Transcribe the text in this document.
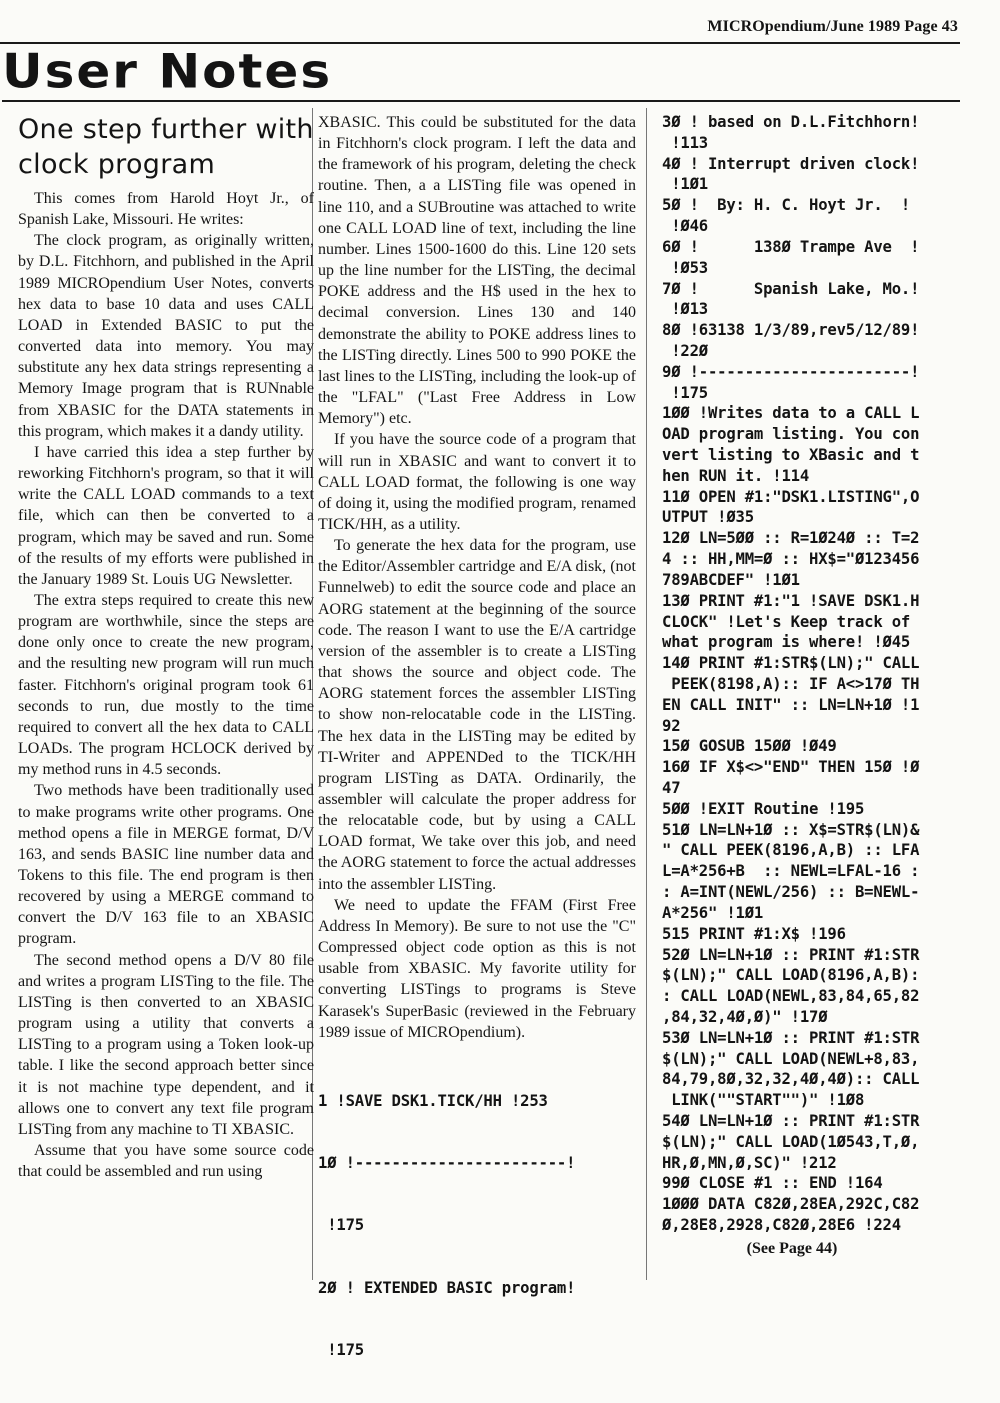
MICROpendium/June 1989 Page 43
User Notes
One step further with clock program

This comes from Harold Hoyt Jr., of Spanish Lake, Missouri. He writes:

The clock program, as originally written, by D.L. Fitchhorn, and published in the April 1989 MICROpendium User Notes, converts hex data to base 10 data and uses CALL LOAD in Extended BASIC to put the converted data into memory. You may substitute any hex data strings representing a Memory Image program that is RUNnable from XBASIC for the DATA statements in this program, which makes it a dandy utility.

I have carried this idea a step further by reworking Fitchhorn's program, so that it will write the CALL LOAD commands to a text file, which can then be converted to a program, which may be saved and run. Some of the results of my efforts were published in the January 1989 St. Louis UG Newsletter.

The extra steps required to create this new program are worthwhile, since the steps are done only once to create the new program, and the resulting new program will run much faster. Fitchhorn's original program took 61 seconds to run, due mostly to the time required to convert all the hex data to CALL LOADs. The program HCLOCK derived by my method runs in 4.5 seconds.

Two methods have been traditionally used to make programs write other programs. One method opens a file in MERGE format, D/V 163, and sends BASIC line number data and Tokens to this file. The end program is then recovered by using a MERGE command to convert the D/V 163 file to an XBASIC program.

The second method opens a D/V 80 file and writes a program LISTing to the file. The LISTing is then converted to an XBASIC program using a utility that converts a LISTing to a program using a Token look-up table. I like the second approach better since it is not machine type dependent, and it allows one to convert any text file program LISTing from any machine to TI XBASIC.

Assume that you have some source code that could be assembled and run using

XBASIC. This could be substituted for the data in Fitchhorn's clock program. I left the data and the framework of his program, deleting the check routine. Then, a a LISTing file was opened in line 110, and a SUBroutine was attached to write one CALL LOAD line of text, including the line number. Lines 1500-1600 do this. Line 120 sets up the line number for the LISTing, the decimal POKE address and the H$ used in the hex to decimal conversion. Lines 130 and 140 demonstrate the ability to POKE address lines to the LISTing directly. Lines 500 to 990 POKE the last lines to the LISTing, including the look-up of the "LFAL" ("Last Free Address in Low Memory") etc.

If you have the source code of a program that will run in XBASIC and want to convert it to CALL LOAD format, the following is one way of doing it, using the modified program, renamed TICK/HH, as a utility.

To generate the hex data for the program, use the Editor/Assembler cartridge and E/A disk, (not Funnelweb) to edit the source code and place an AORG statement at the beginning of the source code. The reason I want to use the E/A cartridge version of the assembler is to create a LISTing that shows the source and object code. The AORG statement forces the assembler LISTing to show non-relocatable code in the LISTing. The hex data in the LISTing may be edited by TI-Writer and APPENDed to the TICK/HH program LISTing as DATA. Ordinarily, the assembler will calculate the proper address for the relocatable code, but by using a CALL LOAD format, We take over this job, and need the AORG statement to force the actual addresses into the assembler LISTing.

We need to update the FFAM (First Free Address In Memory). Be sure to not use the "C" Compressed object code option as this is not usable from XBASIC. My favorite utility for converting LISTings to programs is Steve Karasek's SuperBasic (reviewed in the February 1989 issue of MICROpendium).

1 !SAVE DSK1.TICK/HH !253

1Ø !-----------------------!

!175

2Ø ! EXTENDED BASIC program!

!175

3Ø ! based on D.L.Fitchhorn!
!113
4Ø ! Interrupt driven clock!
!1Ø1
5Ø !  By: H. C. Hoyt Jr.  !
!Ø46
6Ø !      138Ø Trampe Ave  !
!Ø53
7Ø !      Spanish Lake, Mo.!
!Ø13
8Ø !63138 1/3/89,rev5/12/89!
!22Ø
9Ø !-----------------------!
!175
1ØØ !Writes data to a CALL L
OAD program listing. You con
vert listing to XBasic and t
hen RUN it. !114
11Ø OPEN #1:"DSK1.LISTING",O
UTPUT !Ø35
12Ø LN=5ØØ :: R=1Ø24Ø :: T=2
4 :: HH,MM=Ø :: HX$="Ø123456
789ABCDEF" !1Ø1
13Ø PRINT #1:"1 !SAVE DSK1.H
CLOCK" !Let's Keep track of
what program is where! !Ø45
14Ø PRINT #1:STR$(LN);" CALL
PEEK(8198,A):: IF A<>17Ø TH
EN CALL INIT" :: LN=LN+1Ø !1
92
15Ø GOSUB 15ØØ !Ø49
16Ø IF X$<>"END" THEN 15Ø !Ø
47
5ØØ !EXIT Routine !195
51Ø LN=LN+1Ø :: X$=STR$(LN)&
" CALL PEEK(8196,A,B) :: LFA
L=A*256+B  :: NEWL=LFAL-16 :
: A=INT(NEWL/256) :: B=NEWL-
A*256" !1Ø1
515 PRINT #1:X$ !196
52Ø LN=LN+1Ø :: PRINT #1:STR
$(LN);" CALL LOAD(8196,A,B):
: CALL LOAD(NEWL,83,84,65,82
,84,32,4Ø,Ø)" !17Ø
53Ø LN=LN+1Ø :: PRINT #1:STR
$(LN);" CALL LOAD(NEWL+8,83,
84,79,8Ø,32,32,4Ø,4Ø):: CALL
LINK(""START"")" !1Ø8
54Ø LN=LN+1Ø :: PRINT #1:STR
$(LN);" CALL LOAD(1Ø543,T,Ø,
HR,Ø,MN,Ø,SC)" !212
99Ø CLOSE #1 :: END !164
1ØØØ DATA C82Ø,28EA,292C,C82
Ø,28E8,2928,C82Ø,28E6 !224
(See Page 44)
